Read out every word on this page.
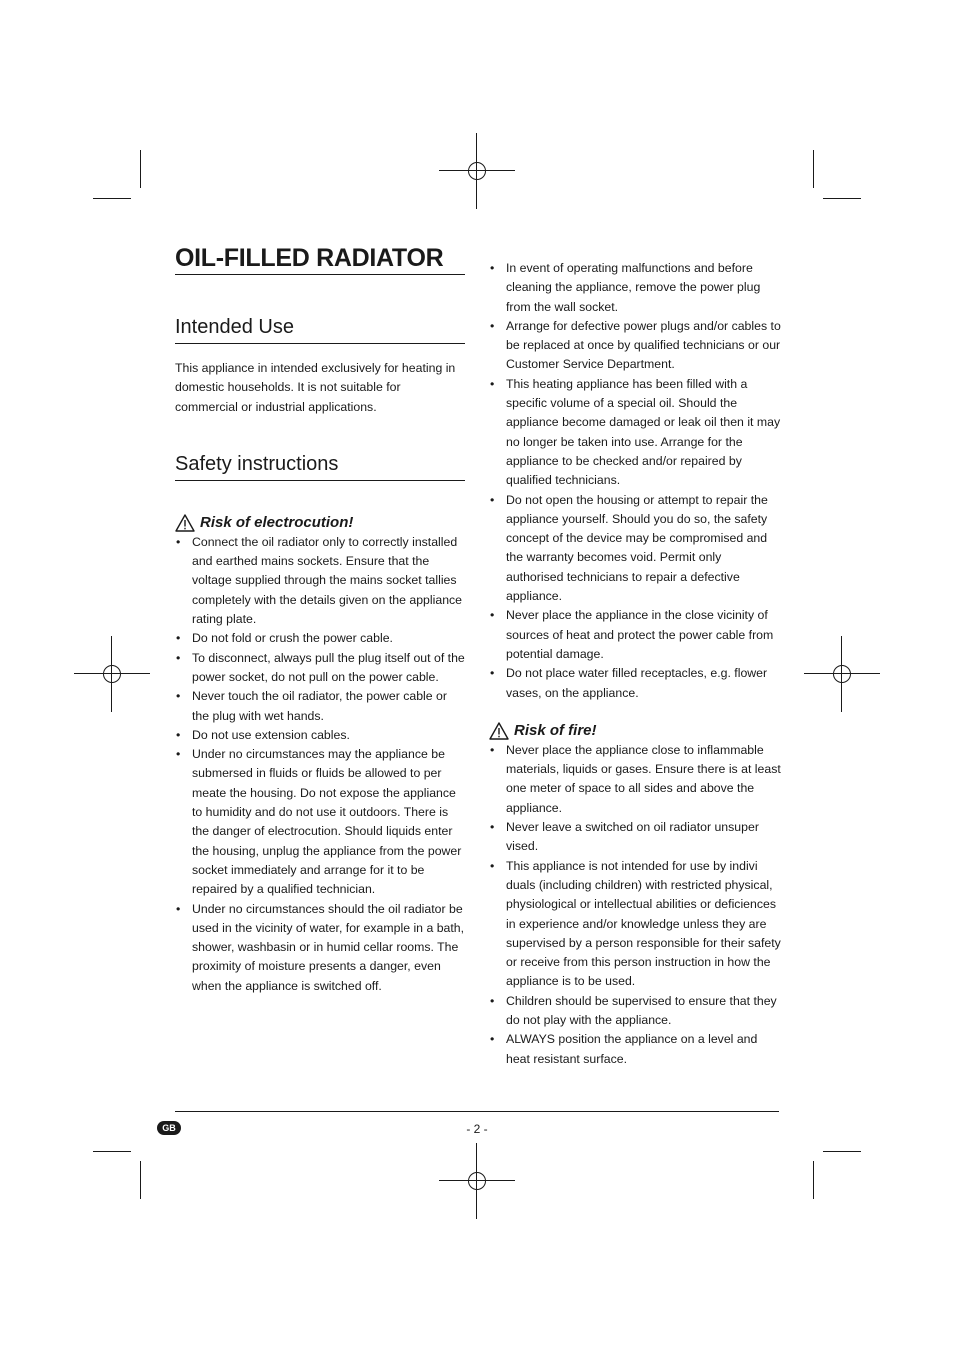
OIL-FILLED RADIATOR
Intended Use

This appliance in intended exclusively for heating in domestic households. It is not suitable for commercial or industrial applications.

Safety instructions
Risk of electrocution!
• Connect the oil radiator only to correctly installed and earthed mains sockets. Ensure that the voltage supplied through the mains socket tallies completely with the details given on the appliance rating plate.
• Do not fold or crush the power cable.
• To disconnect, always pull the plug itself out of the power socket, do not pull on the power cable.
• Never touch the oil radiator, the power cable or the plug with wet hands.
• Do not use extension cables.
• Under no circumstances may the appliance be submersed in fluids or fluids be allowed to per meate the housing. Do not expose the appliance to humidity and do not use it outdoors. There is the danger of electrocution. Should liquids enter the housing, unplug the appliance from the power socket immediately and arrange for it to be repaired by a qualified technician.
• Under no circumstances should the oil radiator be used in the vicinity of water, for example in a bath, shower, washbasin or in humid cellar rooms. The proximity of moisture presents a danger, even when the appliance is switched off.
• In event of operating malfunctions and before cleaning the appliance, remove the power plug from the wall socket.
• Arrange for defective power plugs and/or cables to be replaced at once by qualified technicians or our Customer Service Department.
• This heating appliance has been filled with a specific volume of a special oil. Should the appliance become damaged or leak oil then it may no longer be taken into use. Arrange for the appliance to be checked and/or repaired by qualified technicians.
• Do not open the housing or attempt to repair the appliance yourself. Should you do so, the safety concept of the device may be compromised and the warranty becomes void. Permit only authorised technicians to repair a defective appliance.
• Never place the appliance in the close vicinity of sources of heat and protect the power cable from potential damage.
• Do not place water filled receptacles, e.g. flower vases, on the appliance.
Risk of fire!
• Never place the appliance close to inflammable materials, liquids or gases. Ensure there is at least one meter of space to all sides and above the appliance.
• Never leave a switched on oil radiator unsuper vised.
• This appliance is not intended for use by indivi duals (including children) with restricted physical, physiological or intellectual abilities or deficiences in experience and/or knowledge unless they are supervised by a person responsible for their safety or receive from this person instruction in how the appliance is to be used.
• Children should be supervised to ensure that they do not play with the appliance.
• ALWAYS position the appliance on a level and heat resistant surface.
GB	- 2 -
